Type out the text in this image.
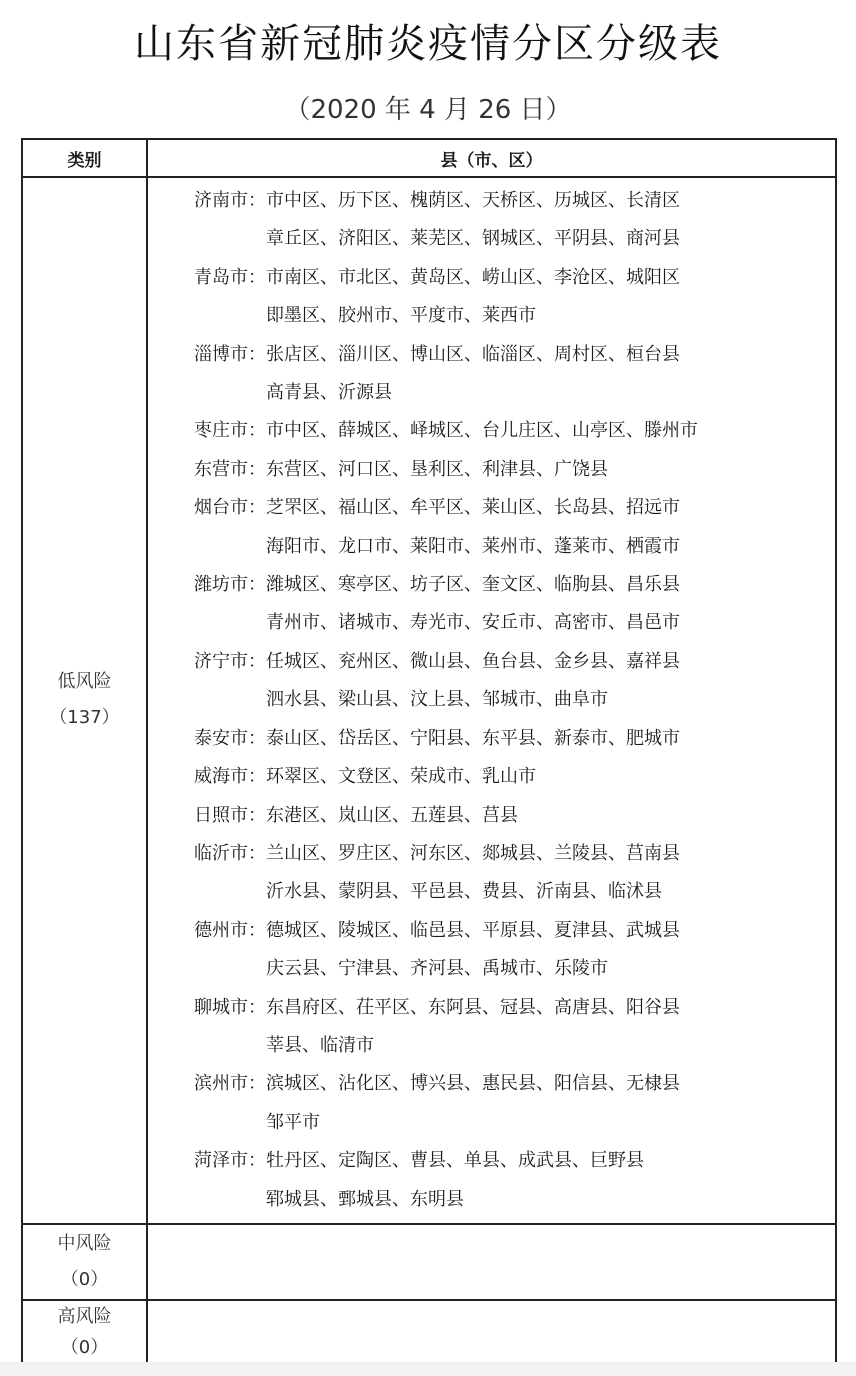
山东省新冠肺炎疫情分区分级表
（2020 年 4 月 26 日）
类别	县（市、区）

低风险
（137）

济南市： 市中区、历下区、槐荫区、天桥区、历城区、长清区
章丘区、济阳区、莱芜区、钢城区、平阴县、商河县
青岛市： 市南区、市北区、黄岛区、崂山区、李沧区、城阳区
即墨区、胶州市、平度市、莱西市
淄博市： 张店区、淄川区、博山区、临淄区、周村区、桓台县
高青县、沂源县
枣庄市： 市中区、薛城区、峄城区、台儿庄区、山亭区、滕州市
东营市： 东营区、河口区、垦利区、利津县、广饶县
烟台市： 芝罘区、福山区、牟平区、莱山区、长岛县、招远市
海阳市、龙口市、莱阳市、莱州市、蓬莱市、栖霞市
潍坊市： 潍城区、寒亭区、坊子区、奎文区、临朐县、昌乐县
青州市、诸城市、寿光市、安丘市、高密市、昌邑市
济宁市： 任城区、兖州区、微山县、鱼台县、金乡县、嘉祥县
泗水县、梁山县、汶上县、邹城市、曲阜市
泰安市： 泰山区、岱岳区、宁阳县、东平县、新泰市、肥城市
威海市： 环翠区、文登区、荣成市、乳山市
日照市： 东港区、岚山区、五莲县、莒县
临沂市： 兰山区、罗庄区、河东区、郯城县、兰陵县、莒南县
沂水县、蒙阴县、平邑县、费县、沂南县、临沭县
德州市： 德城区、陵城区、临邑县、平原县、夏津县、武城县
庆云县、宁津县、齐河县、禹城市、乐陵市
聊城市： 东昌府区、茌平区、东阿县、冠县、高唐县、阳谷县
莘县、临清市
滨州市： 滨城区、沾化区、博兴县、惠民县、阳信县、无棣县
邹平市
菏泽市： 牡丹区、定陶区、曹县、单县、成武县、巨野县
郓城县、鄄城县、东明县

中风险
（0）	

高风险
（0）	
